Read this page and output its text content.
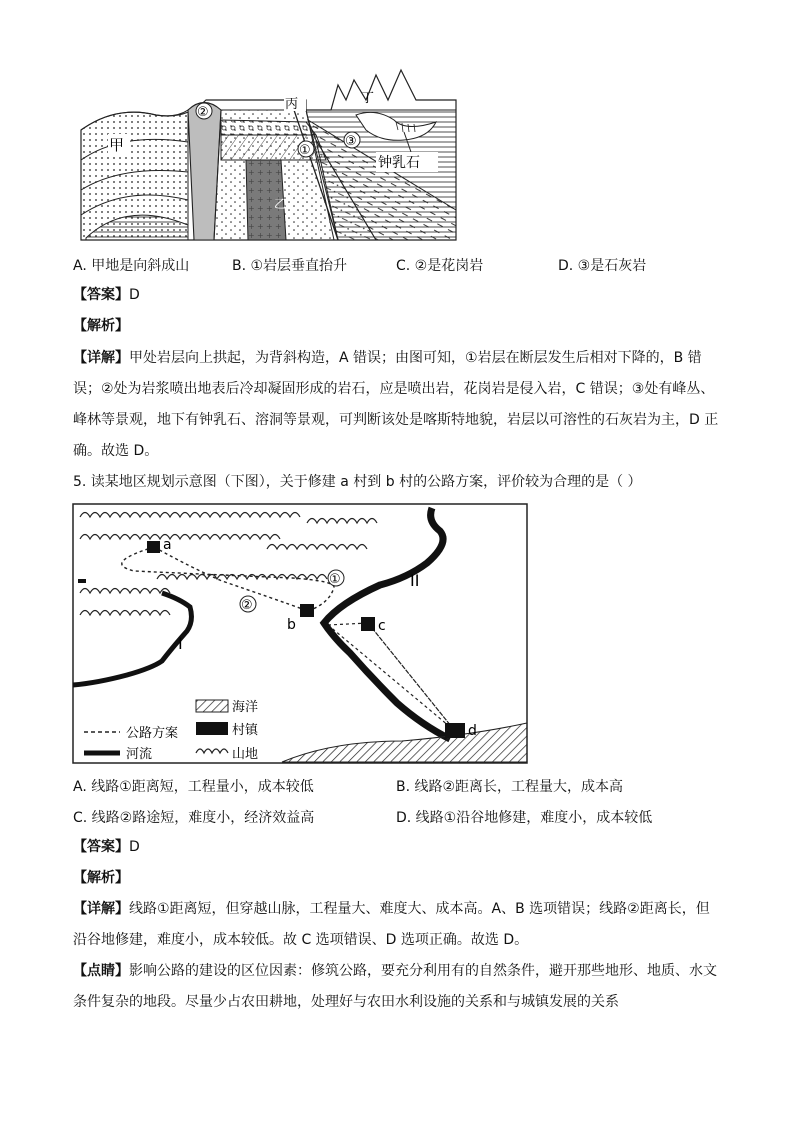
②
甲
丙	丁
乙
①
③
钟乳石
A. 甲地是向斜成山	B. ①岩层垂直抬升	C. ②是花岗岩	D. ③是石灰岩
【答案】D
【解析】
【详解】甲处岩层向上拱起，为背斜构造，A 错误；由图可知，①岩层在断层发生后相对下降的，B 错
误；②处为岩浆喷出地表后冷却凝固形成的岩石，应是喷出岩，花岗岩是侵入岩，C 错误；③处有峰丛、
峰林等景观，地下有钟乳石、溶洞等景观，可判断该处是喀斯特地貌，岩层以可溶性的石灰岩为主，D 正
确。故选 D。
5. 读某地区规划示意图（下图），关于修建 a 村到 b 村的公路方案，评价较为合理的是（ ）
a
b	c
d
①
②
I
II
海洋
村镇
公路方案
河流	山地
A. 线路①距离短，工程量小，成本较低	B. 线路②距离长，工程量大，成本高
C. 线路②路途短，难度小，经济效益高	D. 线路①沿谷地修建，难度小，成本较低
【答案】D
【解析】
【详解】线路①距离短，但穿越山脉，工程量大、难度大、成本高。A、B 选项错误；线路②距离长，但
沿谷地修建，难度小，成本较低。故 C 选项错误、D 选项正确。故选 D。
【点睛】影响公路的建设的区位因素：修筑公路，要充分利用有的自然条件，避开那些地形、地质、水文
条件复杂的地段。尽量少占农田耕地，处理好与农田水利设施的关系和与城镇发展的关系
